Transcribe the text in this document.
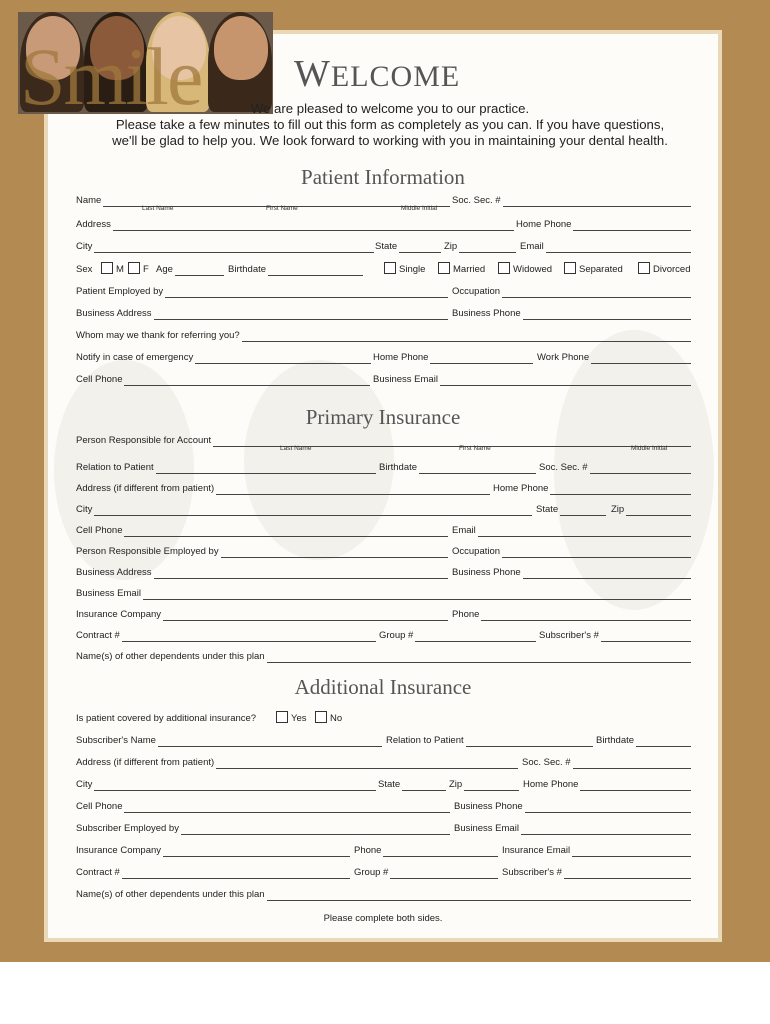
Smile WELCOME
We are pleased to welcome you to our practice.
Please take a few minutes to fill out this form as completely as you can. If you have questions,
we'll be glad to help you. We look forward to working with you in maintaining your dental health.
Patient Information
Name	Soc. Sec. #
Last Name	First Name	Middle Initial
Address	Home Phone
City	State	Zip	Email
Sex	M	F Age	Birthdate	Single	Married	Widowed	Separated	Divorced
Patient Employed by	Occupation
Business Address	Business Phone
Whom may we thank for referring you?
Notify in case of emergency	Home Phone	Work Phone
Cell Phone	Business Email
Primary Insurance
Person Responsible for Account
Last Name	First Name	Middle Initial
Relation to Patient	Birthdate	Soc. Sec. #
Address (if different from patient)	Home Phone
City	State	Zip
Cell Phone	Email
Person Responsible Employed by	Occupation
Business Address	Business Phone
Business Email
Insurance Company	Phone
Contract #	Group #	Subscriber's #
Name(s) of other dependents under this plan
Additional Insurance
Is patient covered by additional insurance?	Yes	No
Subscriber's Name	Relation to Patient	Birthdate
Address (if different from patient)	Soc. Sec. #
City	State	Zip	Home Phone
Cell Phone	Business Phone
Subscriber Employed by	Business Email
Insurance Company	Phone	Insurance Email
Contract #	Group #	Subscriber's #
Name(s) of other dependents under this plan
Please complete both sides.
